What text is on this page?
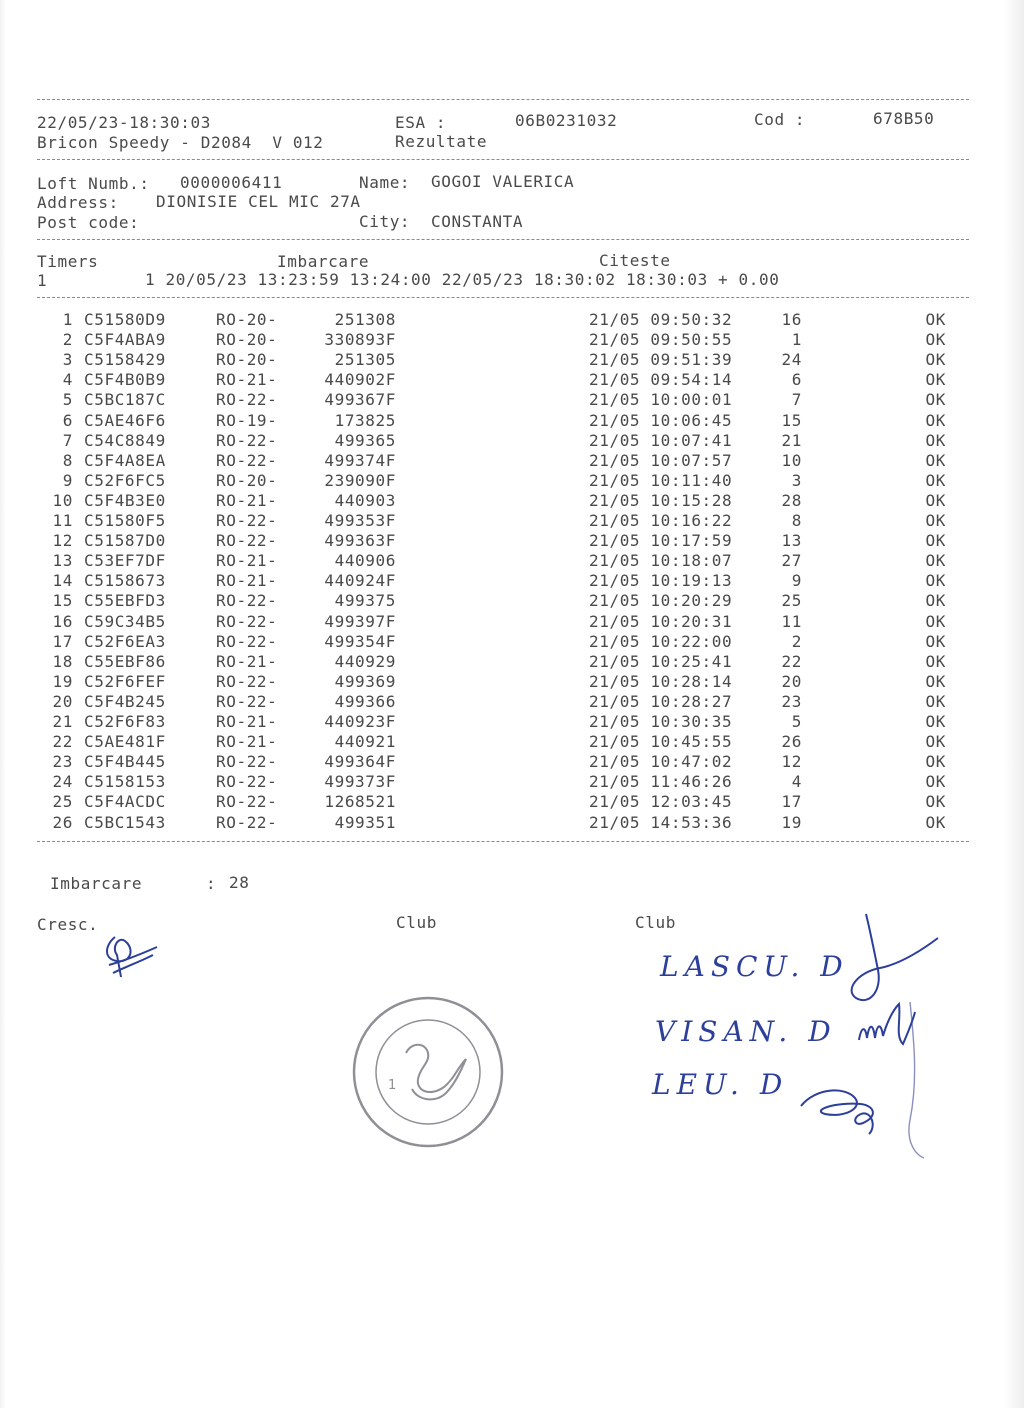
22/05/23-18:30:03	ESA :	06B0231032	Cod :	678B50
Bricon Speedy - D2084  V 012	Rezultate
Loft Numb.: 0000006411	Name: GOGOI VALERICA
Address: DIONISIE CEL MIC 27A
Post code:	City: CONSTANTA
Timers	Imbarcare	Citeste
1	1 20/05/23 13:23:59 13:24:00 22/05/23 18:30:02 18:30:03 + 0.00
1 C51580D9	RO-20-	251308	21/05 09:50:32	16	OK
2 C5F4ABA9	RO-20-	330893F	21/05 09:50:55	1	OK
3 C5158429	RO-20-	251305	21/05 09:51:39	24	OK
4 C5F4B0B9	RO-21-	440902F	21/05 09:54:14	6	OK
5 C5BC187C	RO-22-	499367F	21/05 10:00:01	7	OK
6 C5AE46F6	RO-19-	173825	21/05 10:06:45	15	OK
7 C54C8849	RO-22-	499365	21/05 10:07:41	21	OK
8 C5F4A8EA	RO-22-	499374F	21/05 10:07:57	10	OK
9 C52F6FC5	RO-20-	239090F	21/05 10:11:40	3	OK
10 C5F4B3E0	RO-21-	440903	21/05 10:15:28	28	OK
11 C51580F5	RO-22-	499353F	21/05 10:16:22	8	OK
12 C51587D0	RO-22-	499363F	21/05 10:17:59	13	OK
13 C53EF7DF	RO-21-	440906	21/05 10:18:07	27	OK
14 C5158673	RO-21-	440924F	21/05 10:19:13	9	OK
15 C55EBFD3	RO-22-	499375	21/05 10:20:29	25	OK
16 C59C34B5	RO-22-	499397F	21/05 10:20:31	11	OK
17 C52F6EA3	RO-22-	499354F	21/05 10:22:00	2	OK
18 C55EBF86	RO-21-	440929	21/05 10:25:41	22	OK
19 C52F6FEF	RO-22-	499369	21/05 10:28:14	20	OK
20 C5F4B245	RO-22-	499366	21/05 10:28:27	23	OK
21 C52F6F83	RO-21-	440923F	21/05 10:30:35	5	OK
22 C5AE481F	RO-21-	440921	21/05 10:45:55	26	OK
23 C5F4B445	RO-22-	499364F	21/05 10:47:02	12	OK
24 C5158153	RO-22-	499373F	21/05 11:46:26	4	OK
25 C5F4ACDC	RO-22-	1268521	21/05 12:03:45	17	OK
26 C5BC1543	RO-22-	499351	21/05 14:53:36	19	OK
Imbarcare	: 28
Cresc.	Club	Club
1
LASCU. D
VISAN. D
LEU. D
